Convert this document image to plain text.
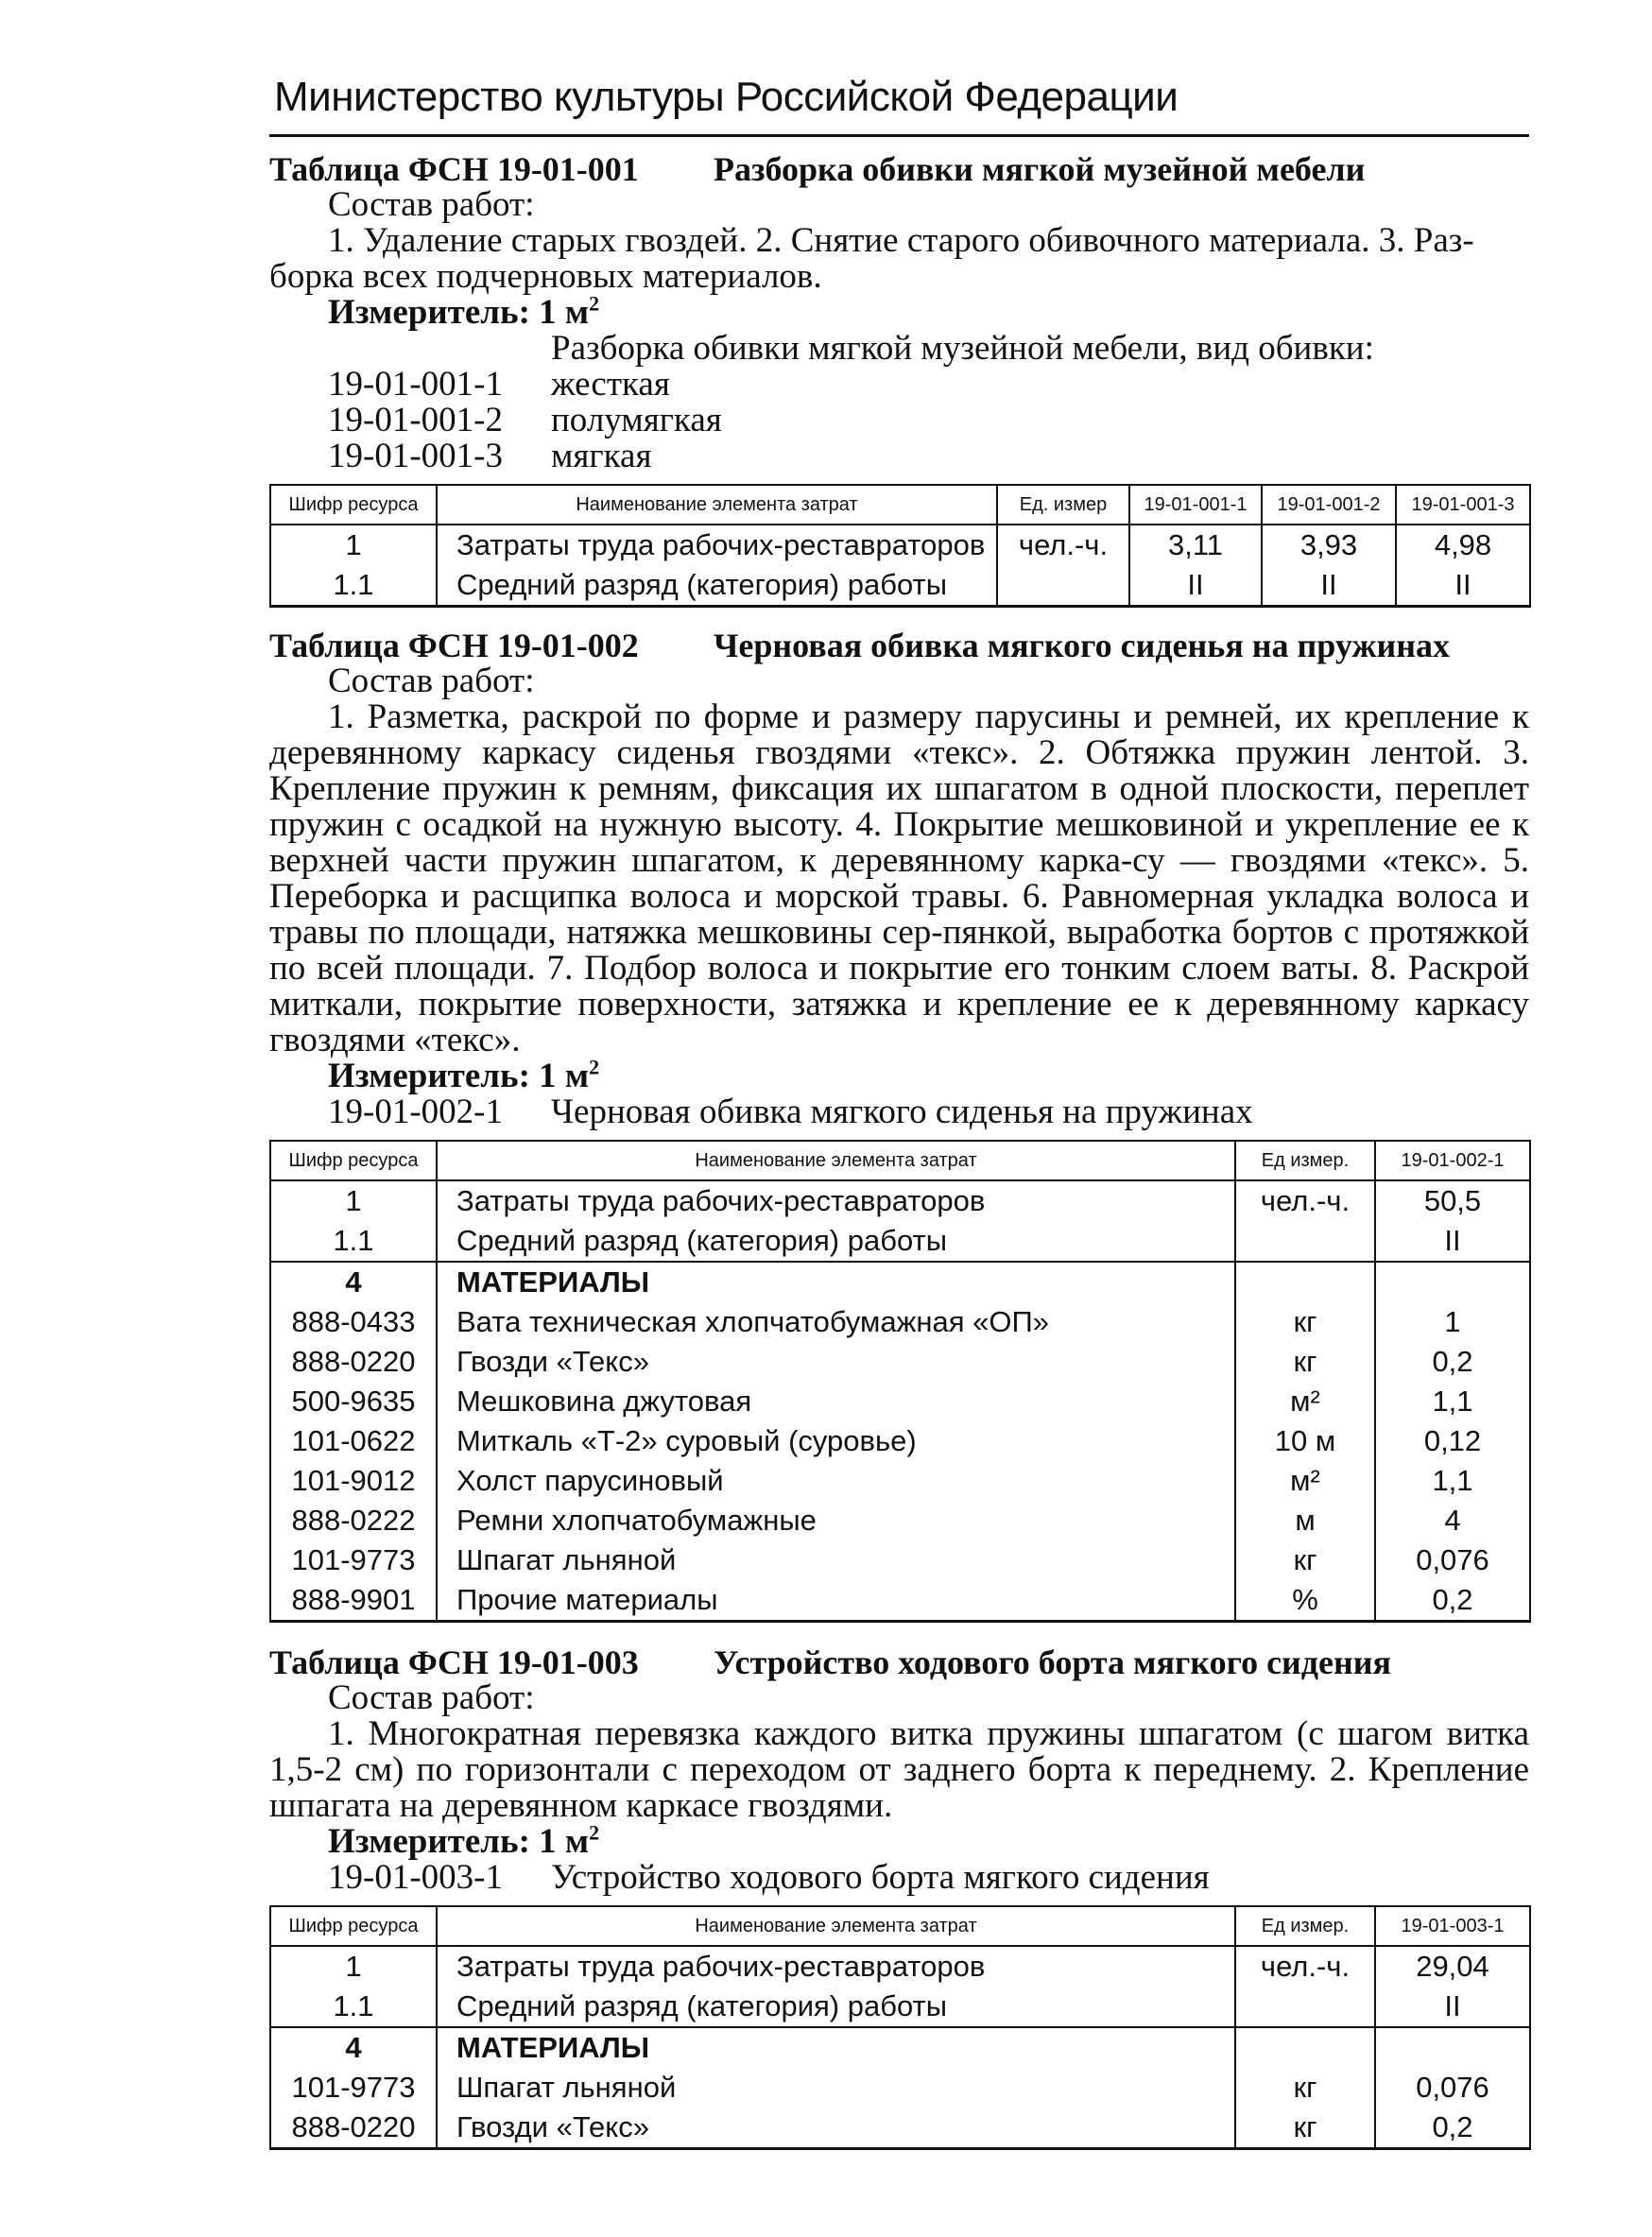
Министерство культуры Российской Федерации
Таблица ФСН 19-01-001 Разборка обивки мягкой музейной мебели
Состав работ:
1. Удаление старых гвоздей. 2. Снятие старого обивочного материала. 3. Раз-
борка всех подчерновых материалов.
Измеритель: 1 $м^2$
Разборка обивки мягкой музейной мебели, вид обивки:
19-01-001-1	жесткая
19-01-001-2	полумягкая
19-01-001-3	мягкая
Шифр ресурса	Наименование элемента затрат	Ед. измер	19-01-001-1	19-01-001-2	19-01-001-3
1	Затраты труда рабочих-реставраторов	чел.-ч.	3,11	3,93	4,98
1.1	Средний разряд (категория) работы		II	II	II
Таблица ФСН 19-01-002 Черновая обивка мягкого сиденья на пружинах
Состав работ:
1. Разметка, раскрой по форме и размеру парусины и ремней, их крепление к деревянному каркасу сиденья гвоздями «текс». 2. Обтяжка пружин лентой. 3. Крепление пружин к ремням, фиксация их шпагатом в одной плоскости, переплет пружин с осадкой на нужную высоту. 4. Покрытие мешковиной и укрепление ее к верхней части пружин шпагатом, к деревянному карка-су — гвоздями «текс». 5. Переборка и расщипка волоса и морской травы. 6. Равномерная укладка волоса и травы по площади, натяжка мешковины сер-пянкой, выработка бортов с протяжкой по всей площади. 7. Подбор волоса и покрытие его тонким слоем ваты. 8. Раскрой миткали, покрытие поверхности, затяжка и крепление ее к деревянному каркасу гвоздями «текс».
Измеритель: 1 $м^2$
19-01-002-1	Черновая обивка мягкого сиденья на пружинах
Шифр ресурса	Наименование элемента затрат	Ед измер.	19-01-002-1
1	Затраты труда рабочих-реставраторов	чел.-ч.	50,5
1.1	Средний разряд (категория) работы		II
4	МАТЕРИАЛЫ		
888-0433	Вата техническая хлопчатобумажная «ОП»	кг	1
888-0220	Гвозди «Текс»	кг	0,2
500-9635	Мешковина джутовая	м²	1,1
101-0622	Миткаль «Т-2» суровый (суровье)	10 м	0,12
101-9012	Холст парусиновый	м²	1,1
888-0222	Ремни хлопчатобумажные	м	4
101-9773	Шпагат льняной	кг	0,076
888-9901	Прочие материалы	%	0,2
Таблица ФСН 19-01-003 Устройство ходового борта мягкого сидения
Состав работ:
1. Многократная перевязка каждого витка пружины шпагатом (с шагом витка 1,5-2 см) по горизонтали с переходом от заднего борта к переднему. 2. Крепление шпагата на деревянном каркасе гвоздями.
Измеритель: 1 $м^2$
19-01-003-1	Устройство ходового борта мягкого сидения
Шифр ресурса	Наименование элемента затрат	Ед измер.	19-01-003-1
1	Затраты труда рабочих-реставраторов	чел.-ч.	29,04
1.1	Средний разряд (категория) работы		II
4	МАТЕРИАЛЫ		
101-9773	Шпагат льняной	кг	0,076
888-0220	Гвозди «Текс»	кг	0,2
